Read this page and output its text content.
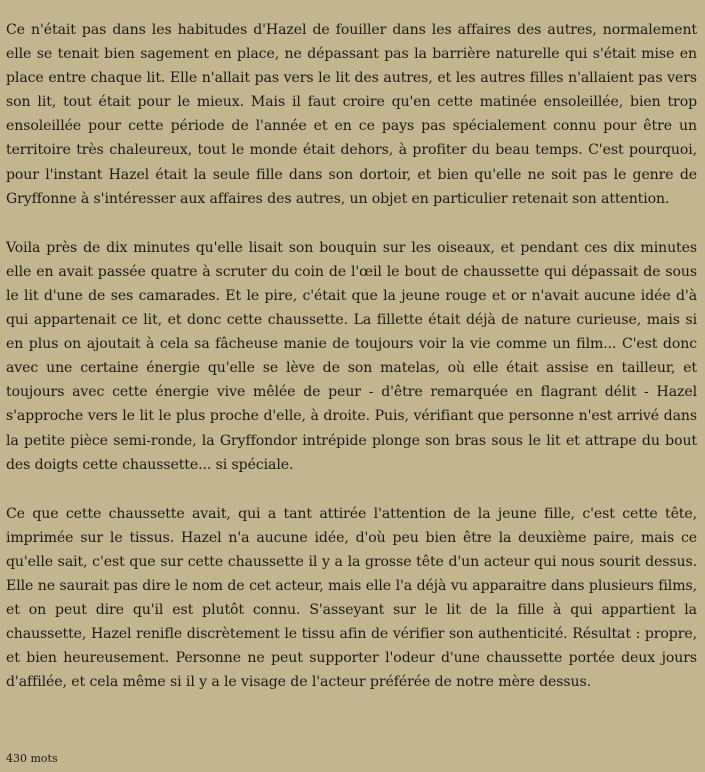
Ce n'était pas dans les habitudes d'Hazel de fouiller dans les affaires des autres, normalement elle se tenait bien sagement en place, ne dépassant pas la barrière naturelle qui s'était mise en place entre chaque lit. Elle n'allait pas vers le lit des autres, et les autres filles n'allaient pas vers son lit, tout était pour le mieux. Mais il faut croire qu'en cette matinée ensoleillée, bien trop ensoleillée pour cette période de l'année et en ce pays pas spécialement connu pour être un territoire très chaleureux, tout le monde était dehors, à profiter du beau temps. C'est pourquoi, pour l'instant Hazel était la seule fille dans son dortoir, et bien qu'elle ne soit pas le genre de Gryffonne à s'intéresser aux affaires des autres, un objet en particulier retenait son attention.

Voila près de dix minutes qu'elle lisait son bouquin sur les oiseaux, et pendant ces dix minutes elle en avait passée quatre à scruter du coin de l'œil le bout de chaussette qui dépassait de sous le lit d'une de ses camarades. Et le pire, c'était que la jeune rouge et or n'avait aucune idée d'à qui appartenait ce lit, et donc cette chaussette. La fillette était déjà de nature curieuse, mais si en plus on ajoutait à cela sa fâcheuse manie de toujours voir la vie comme un film... C'est donc avec une certaine énergie qu'elle se lève de son matelas, où elle était assise en tailleur, et toujours avec cette énergie vive mêlée de peur - d'être remarquée en flagrant délit - Hazel s'approche vers le lit le plus proche d'elle, à droite. Puis, vérifiant que personne n'est arrivé dans la petite pièce semi-ronde, la Gryffondor intrépide plonge son bras sous le lit et attrape du bout des doigts cette chaussette... si spéciale.

Ce que cette chaussette avait, qui a tant attirée l'attention de la jeune fille, c'est cette tête, imprimée sur le tissus. Hazel n'a aucune idée, d'où peu bien être la deuxième paire, mais ce qu'elle sait, c'est que sur cette chaussette il y a la grosse tête d'un acteur qui nous sourit dessus. Elle ne saurait pas dire le nom de cet acteur, mais elle l'a déjà vu apparaitre dans plusieurs films, et on peut dire qu'il est plutôt connu. S'asseyant sur le lit de la fille à qui appartient la chaussette, Hazel renifle discrètement le tissu afin de vérifier son authenticité. Résultat : propre, et bien heureusement. Personne ne peut supporter l'odeur d'une chaussette portée deux jours d'affilée, et cela même si il y a le visage de l'acteur préférée de notre mère dessus.

430 mots
